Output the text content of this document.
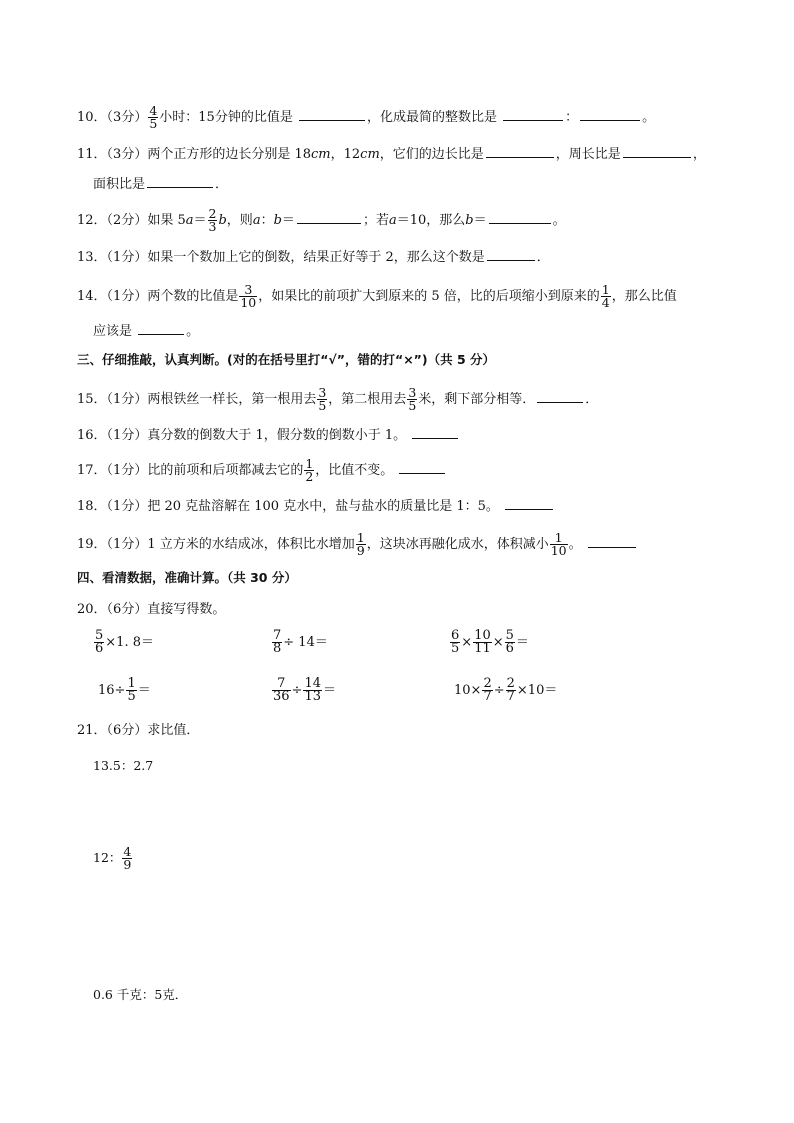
10．（3分） $\frac{4}{5}$ 小时：15分钟的比值是	，化成最简的整数比是	：	。
11．（3分）两个正方形的边长分别是 18cm，12cm，它们的边长比是	，周长比是	，
面积比是	．
12．（2分）如果 $5a= \frac{2}{3}$ b，则a：b＝	；若a＝10，那么b＝	。
13．（1分）如果一个数加上它的倒数，结果正好等于 2，那么这个数是	．
14．（1分）两个数的比值是 $\frac{3}{10}$ ，如果比的前项扩大到原来的 5 倍，比的后项缩小到原来的 $\frac{1}{4}$ ，那么比值
应该是	。
三、仔细推敲，认真判断。(对的在括号里打“√”，错的打“×”)（共 5 分）
15．（1分）两根铁丝一样长，第一根用去 $\frac{3}{5}$ ，第二根用去 $\frac{3}{5}$ 米，剩下部分相等．	．
16．（1分）真分数的倒数大于 1，假分数的倒数小于 1。
17．（1分）比的前项和后项都减去它的 $\frac{1}{2}$ ，比值不变。
18．（1分）把 20 克盐溶解在 100 克水中，盐与盐水的质量比是 1：5。
19．（1分）1 立方米的水结成冰，体积比水增加 $\frac{1}{9}$ ，这块冰再融化成水，体积减小 $\frac{1}{10}$ 。
四、看清数据，准确计算。（共 30 分）
20．（6分）直接写得数。
$\frac{5}{6} \times 1$. 8＝	$\frac{7}{8} \div 14=$	$\frac{6}{5} \times \frac{10}{11} \times \frac{5}{6}$ ＝
$16\div \frac{1}{5}$ ＝	$\frac{7}{36} \div \frac{14}{13}$ ＝	$10\times \frac{2}{7} \div \frac{2}{7} \times 10=$
21．（6分）求比值．
13.5：2.7
12： $\frac{4}{9}$
0.6 千克：5克．
